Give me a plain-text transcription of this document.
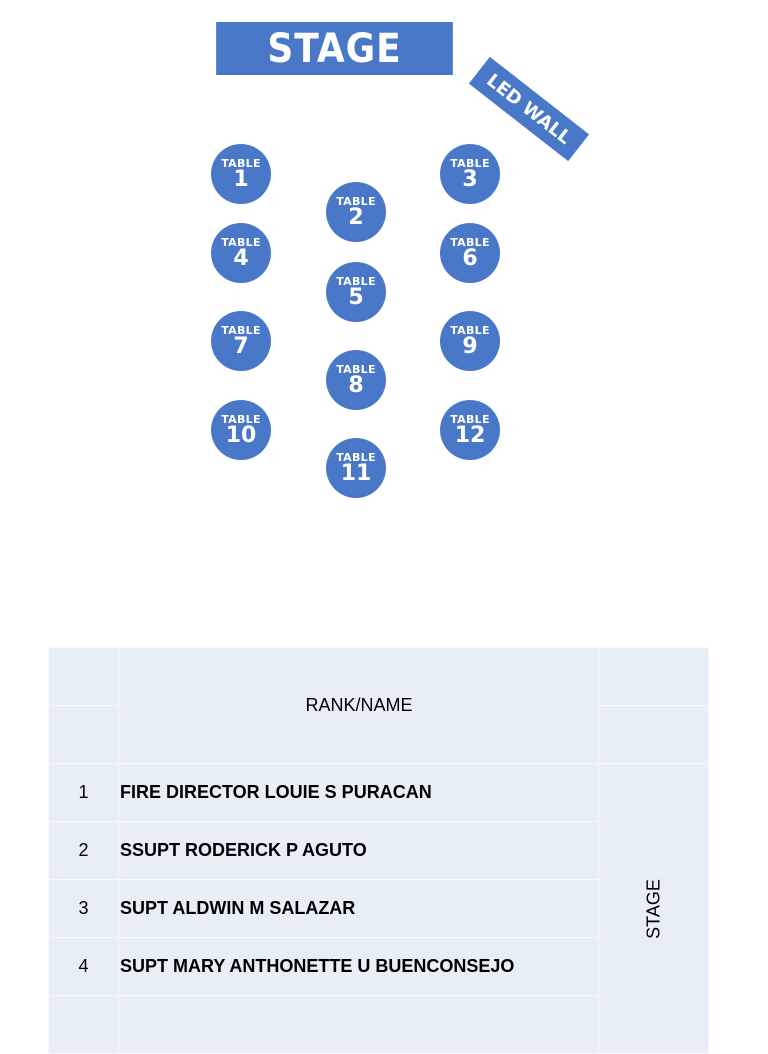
STAGE
LED WALL
TABLE
1
TABLE
2
TABLE
3
TABLE
4
TABLE
5
TABLE
6
TABLE
7
TABLE
8
TABLE
9
TABLE
10
TABLE
11
TABLE
12
	RANK/NAME	

1	FIRE DIRECTOR LOUIE S PURACAN	STAGE

2	SSUPT RODERICK P AGUTO	
3	SUPT ALDWIN M SALAZAR	
4	SUPT MARY ANTHONETTE U BUENCONSEJO	
